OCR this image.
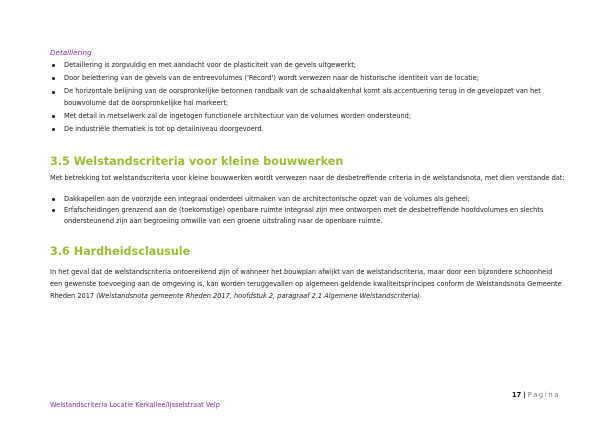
Detaillering
Detaillering is zorgvuldig en met aandacht voor de plasticiteit van de gevels uitgewerkt;
Door belettering van de gevels van de entreevolumes ('Record') wordt verwezen naar de historische identiteit van de locatie;
De horizontale belijning van de oorspronkelijke betonnen randbalk van de schaaldakenhal komt als accentuering terug in de gevelopzet van het bouwvolume dat de oorspronkelijke hal markeert;
Met detail in metselwerk zal de ingetogen functionele architectuur van de volumes worden ondersteund;
De industriële thematiek is tot op detailniveau doorgevoerd.
3.5 Welstandscriteria voor kleine bouwwerken

Met betrekking tot welstandscriteria voor kleine bouwwerken wordt verwezen naar de desbetreffende criteria in de welstandsnota, met dien verstande dat:

Dakkapellen aan de voorzijde een integraal onderdeel uitmaken van de architectonische opzet van de volumes als geheel;
Erfafscheidingen grenzend aan de (toekomstige) openbare ruimte integraal zijn mee ontworpen met de desbetreffende hoofdvolumes en slechts ondersteunend zijn aan begroeiing omwille van een groene uitstraling naar de openbare ruimte.
3.6 Hardheidsclausule

In het geval dat de welstandscriteria ontoereikend zijn of wanneer het bouwplan afwijkt van de welstandscriteria, maar door een bijzondere schoonheid een gewenste toevoeging aan de omgeving is, kan worden teruggevallen op algemeen geldende kwaliteitsprincipes conform de Welstandsnota Gemeente Rheden 2017 (Welstandsnota gemeente Rheden 2017, hoofdstuk 2, paragraaf 2.1 Algemene Welstandscriteria).

17 | Pagina
Welstandscriteria Locatie Kerkallee/IJsselstraat Velp
